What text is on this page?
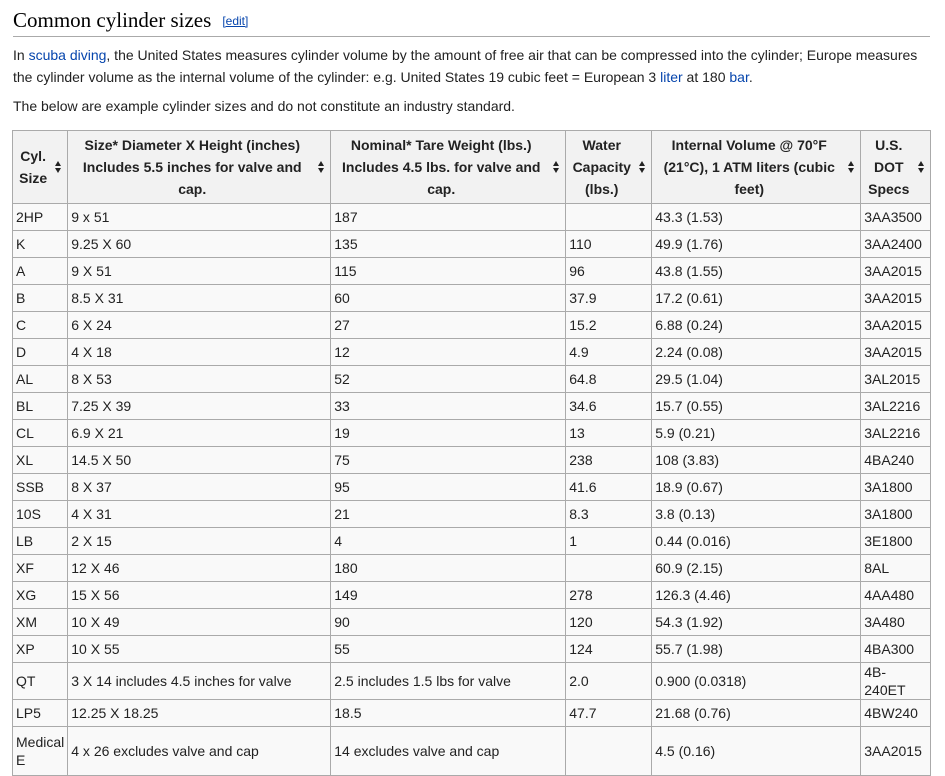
Common cylinder sizes [edit]

In scuba diving, the United States measures cylinder volume by the amount of free air that can be compressed into the cylinder; Europe measures the cylinder volume as the internal volume of the cylinder: e.g. United States 19 cubic feet = European 3 liter at 180 bar.

The below are example cylinder sizes and do not constitute an industry standard.

Cyl. Size	Size* Diameter X Height (inches) Includes 5.5 inches for valve and cap.	Nominal* Tare Weight (lbs.) Includes 4.5 lbs. for valve and cap.	Water Capacity (lbs.)	Internal Volume @ 70°F (21°C), 1 ATM liters (cubic feet)	U.S. DOT Specs

2HP	9 x 51	187		43.3 (1.53)	3AA3500
K	9.25 X 60	135	110	49.9 (1.76)	3AA2400
A	9 X 51	115	96	43.8 (1.55)	3AA2015
B	8.5 X 31	60	37.9	17.2 (0.61)	3AA2015
C	6 X 24	27	15.2	6.88 (0.24)	3AA2015
D	4 X 18	12	4.9	2.24 (0.08)	3AA2015
AL	8 X 53	52	64.8	29.5 (1.04)	3AL2015
BL	7.25 X 39	33	34.6	15.7 (0.55)	3AL2216
CL	6.9 X 21	19	13	5.9 (0.21)	3AL2216
XL	14.5 X 50	75	238	108 (3.83)	4BA240
SSB	8 X 37	95	41.6	18.9 (0.67)	3A1800
10S	4 X 31	21	8.3	3.8 (0.13)	3A1800
LB	2 X 15	4	1	0.44 (0.016)	3E1800
XF	12 X 46	180		60.9 (2.15)	8AL
XG	15 X 56	149	278	126.3 (4.46)	4AA480
XM	10 X 49	90	120	54.3 (1.92)	3A480
XP	10 X 55	55	124	55.7 (1.98)	4BA300
QT	3 X 14 includes 4.5 inches for valve	2.5 includes 1.5 lbs for valve	2.0	0.900 (0.0318)	4B-240ET
LP5	12.25 X 18.25	18.5	47.7	21.68 (0.76)	4BW240
Medical E	4 x 26 excludes valve and cap	14 excludes valve and cap		4.5 (0.16)	3AA2015
